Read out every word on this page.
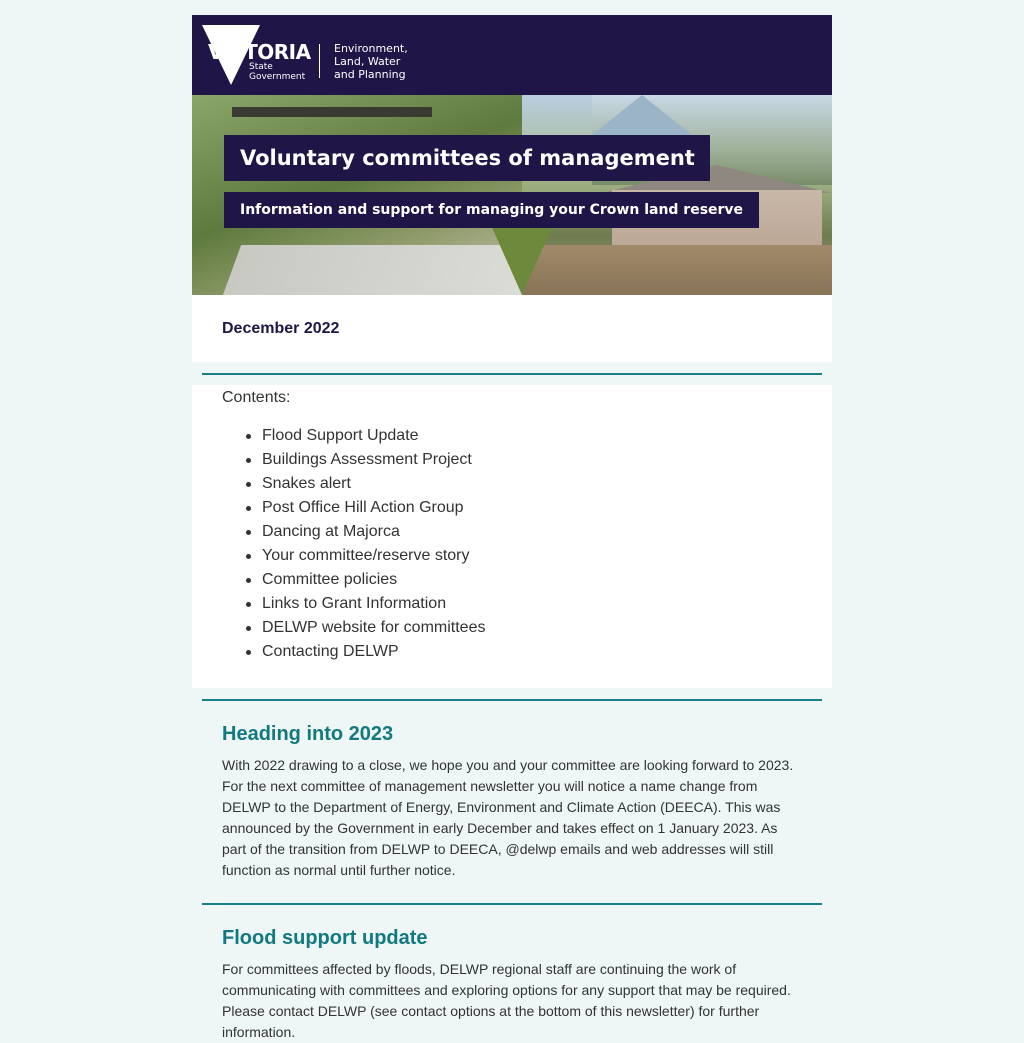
VICTORIA
State Government
Environment, Land, Water and Planning
Voluntary committees of management
Information and support for managing your Crown land reserve
December 2022
Contents:
Flood Support Update
Buildings Assessment Project
Snakes alert
Post Office Hill Action Group
Dancing at Majorca
Your committee/reserve story
Committee policies
Links to Grant Information
DELWP website for committees
Contacting DELWP
Heading into 2023

With 2022 drawing to a close, we hope you and your committee are looking forward to 2023. For the next committee of management newsletter you will notice a name change from DELWP to the Department of Energy, Environment and Climate Action (DEECA). This was announced by the Government in early December and takes effect on 1 January 2023. As part of the transition from DELWP to DEECA, @delwp emails and web addresses will still function as normal until further notice.

Flood support update

For committees affected by floods, DELWP regional staff are continuing the work of communicating with committees and exploring options for any support that may be required. Please contact DELWP (see contact options at the bottom of this newsletter) for further information.
